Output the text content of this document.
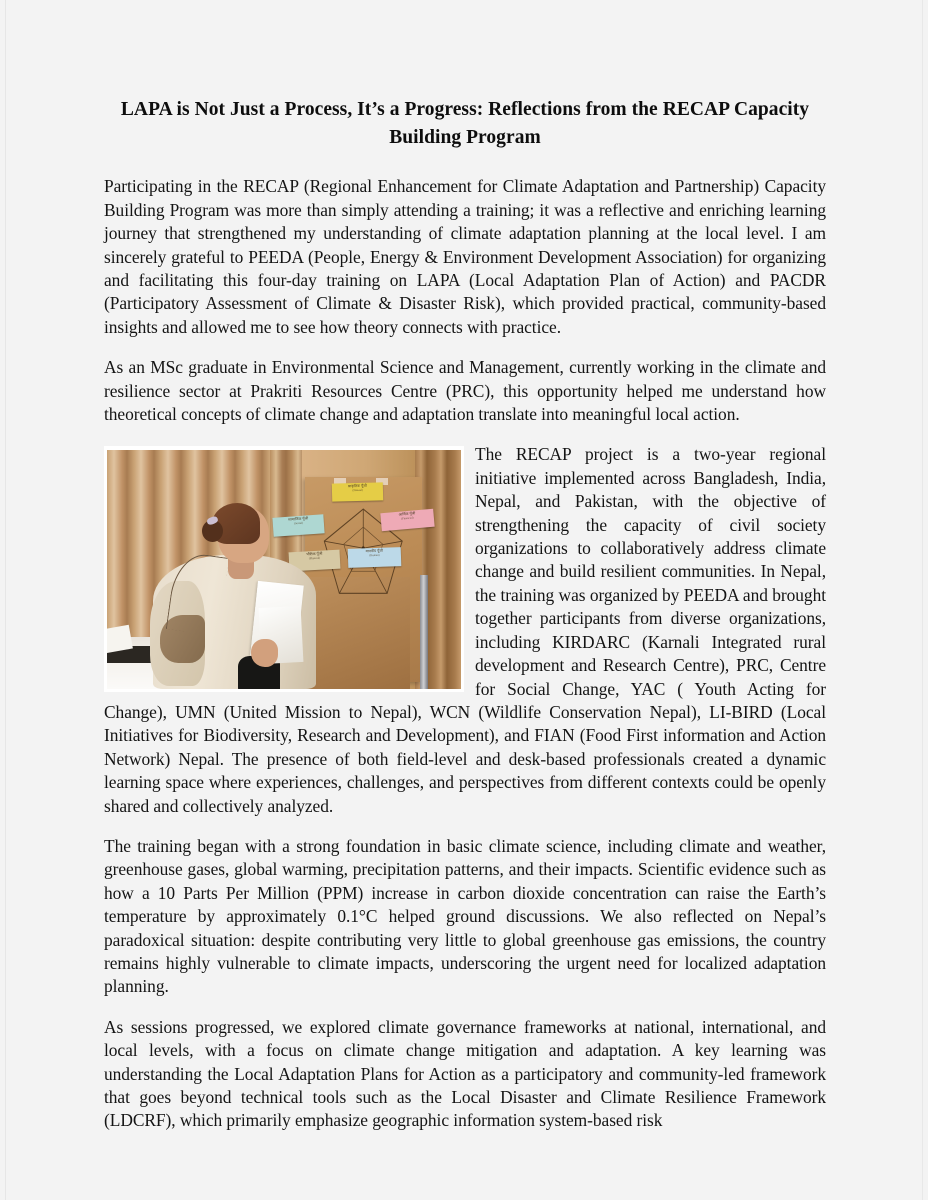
LAPA is Not Just a Process, It’s a Progress: Reflections from the RECAP Capacity Building Program

Participating in the RECAP (Regional Enhancement for Climate Adaptation and Partnership) Capacity Building Program was more than simply attending a training; it was a reflective and enriching learning journey that strengthened my understanding of climate adaptation planning at the local level. I am sincerely grateful to PEEDA (People, Energy & Environment Development Association) for organizing and facilitating this four-day training on LAPA (Local Adaptation Plan of Action) and PACDR (Participatory Assessment of Climate & Disaster Risk), which provided practical, community-based insights and allowed me to see how theory connects with practice.

As an MSc graduate in Environmental Science and Management, currently working in the climate and resilience sector at Prakriti Resources Centre (PRC), this opportunity helped me understand how theoretical concepts of climate change and adaptation translate into meaningful local action.

प्राकृतिक पूँजी
(Natural)
आर्थिक पूँजी
(Financial)
सामाजिक पूँजी
(Social)
भौतिक पूँजी
(Physical)
मानवीय पूँजी
(Human)

The RECAP project is a two-year regional initiative implemented across Bangladesh, India, Nepal, and Pakistan, with the objective of strengthening the capacity of civil society organizations to collaboratively address climate change and build resilient communities. In Nepal, the training was organized by PEEDA and brought together participants from diverse organizations, including KIRDARC (Karnali Integrated rural development and Research Centre), PRC, Centre for Social Change, YAC ( Youth Acting for Change), UMN (United Mission to Nepal), WCN (Wildlife Conservation Nepal), LI-BIRD (Local Initiatives for Biodiversity, Research and Development), and FIAN (Food First information and Action Network) Nepal. The presence of both field-level and desk-based professionals created a dynamic learning space where experiences, challenges, and perspectives from different contexts could be openly shared and collectively analyzed.

The training began with a strong foundation in basic climate science, including climate and weather, greenhouse gases, global warming, precipitation patterns, and their impacts. Scientific evidence such as how a 10 Parts Per Million (PPM) increase in carbon dioxide concentration can raise the Earth’s temperature by approximately 0.1°C helped ground discussions. We also reflected on Nepal’s paradoxical situation: despite contributing very little to global greenhouse gas emissions, the country remains highly vulnerable to climate impacts, underscoring the urgent need for localized adaptation planning.

As sessions progressed, we explored climate governance frameworks at national, international, and local levels, with a focus on climate change mitigation and adaptation. A key learning was understanding the Local Adaptation Plans for Action as a participatory and community-led framework that goes beyond technical tools such as the Local Disaster and Climate Resilience Framework (LDCRF), which primarily emphasize geographic information system-based risk
